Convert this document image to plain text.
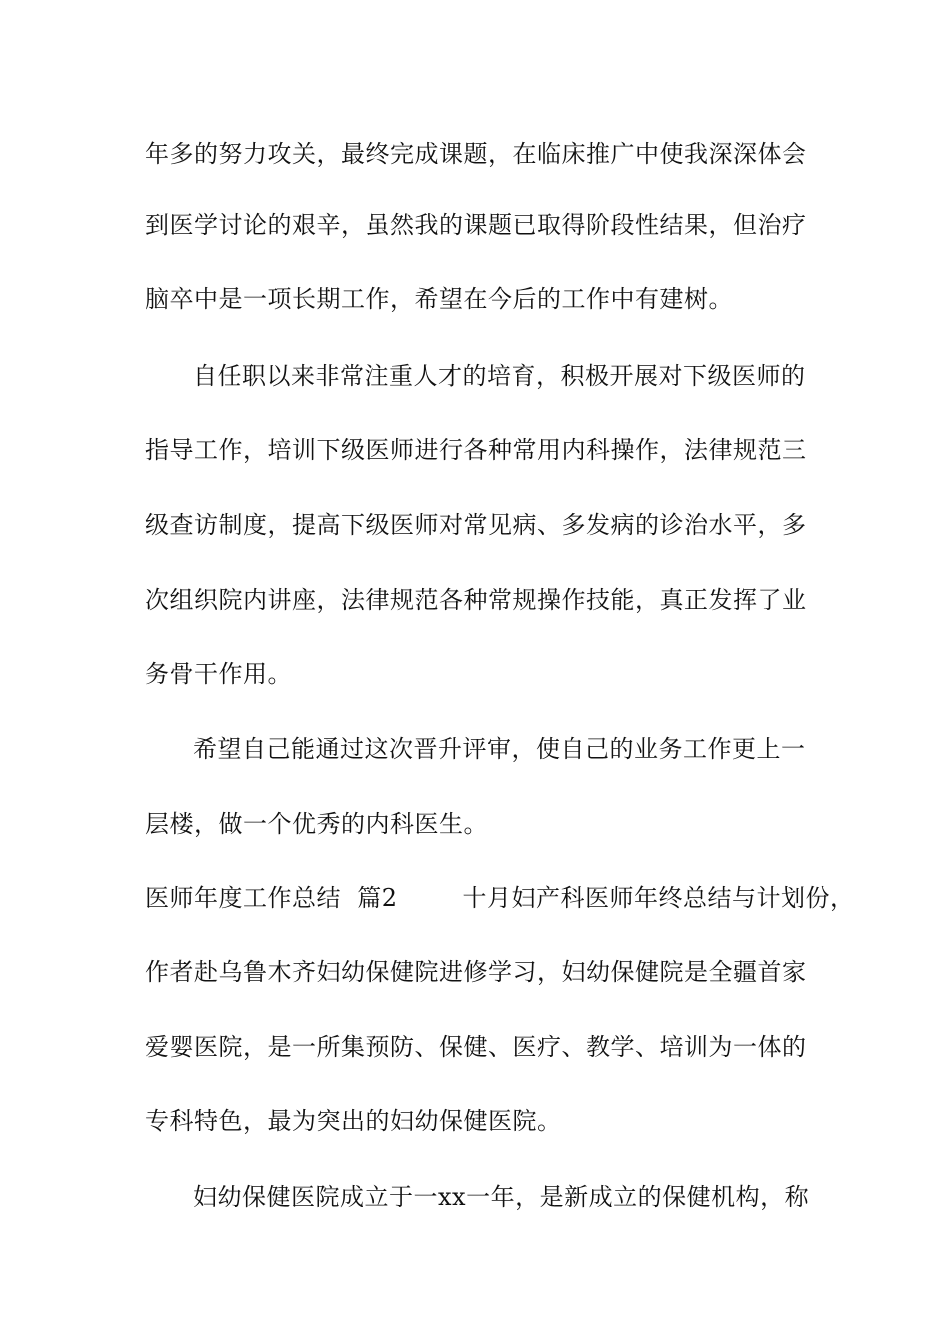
年多的努力攻关，最终完成课题，在临床推广中使我深深体会
到医学讨论的艰辛，虽然我的课题已取得阶段性结果，但治疗
脑卒中是一项长期工作，希望在今后的工作中有建树。
自任职以来非常注重人才的培育，积极开展对下级医师的
指导工作，培训下级医师进行各种常用内科操作，法律规范三
级查访制度，提高下级医师对常见病、多发病的诊治水平，多
次组织院内讲座，法律规范各种常规操作技能，真正发挥了业
务骨干作用。
希望自己能通过这次晋升评审，使自己的业务工作更上一
层楼，做一个优秀的内科医生。
医师年度工作总结  篇2        十月妇产科医师年终总结与计划份，
作者赴乌鲁木齐妇幼保健院进修学习，妇幼保健院是全疆首家
爱婴医院，是一所集预防、保健、医疗、教学、培训为一体的
专科特色，最为突出的妇幼保健医院。
妇幼保健医院成立于一xx一年，是新成立的保健机构，称
